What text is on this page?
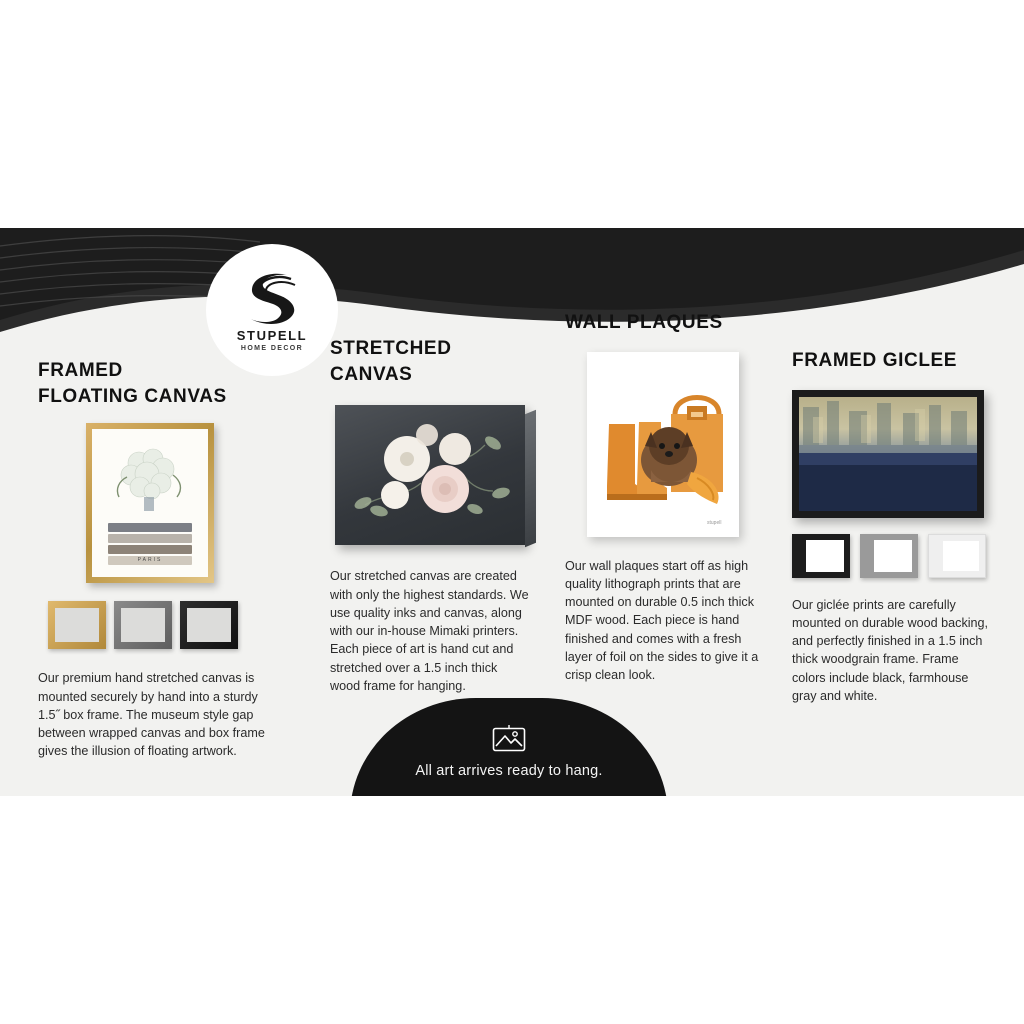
STUPELL
HOME DECOR
FRAMED
FLOATING CANVAS
PARIS
Our premium hand stretched canvas is mounted securely by hand into a sturdy 1.5˝ box frame. The museum style gap between wrapped canvas and box frame gives the illusion of floating artwork.
STRETCHED
CANVAS
Our stretched canvas are created with only the highest standards. We use quality inks and canvas, along with our in-house Mimaki printers. Each piece of art is hand cut and stretched over a 1.5 inch thick wood frame for hanging.
WALL PLAQUES
stupell
Our wall plaques start off as high quality lithograph prints that are mounted on durable 0.5 inch thick MDF wood. Each piece is hand finished and comes with a fresh layer of foil on the sides to give it a crisp clean look.
FRAMED GICLEE
Our giclée prints are carefully mounted on durable wood backing, and perfectly finished in a 1.5 inch thick woodgrain frame. Frame colors include black, farmhouse gray and white.
All art arrives ready to hang.
